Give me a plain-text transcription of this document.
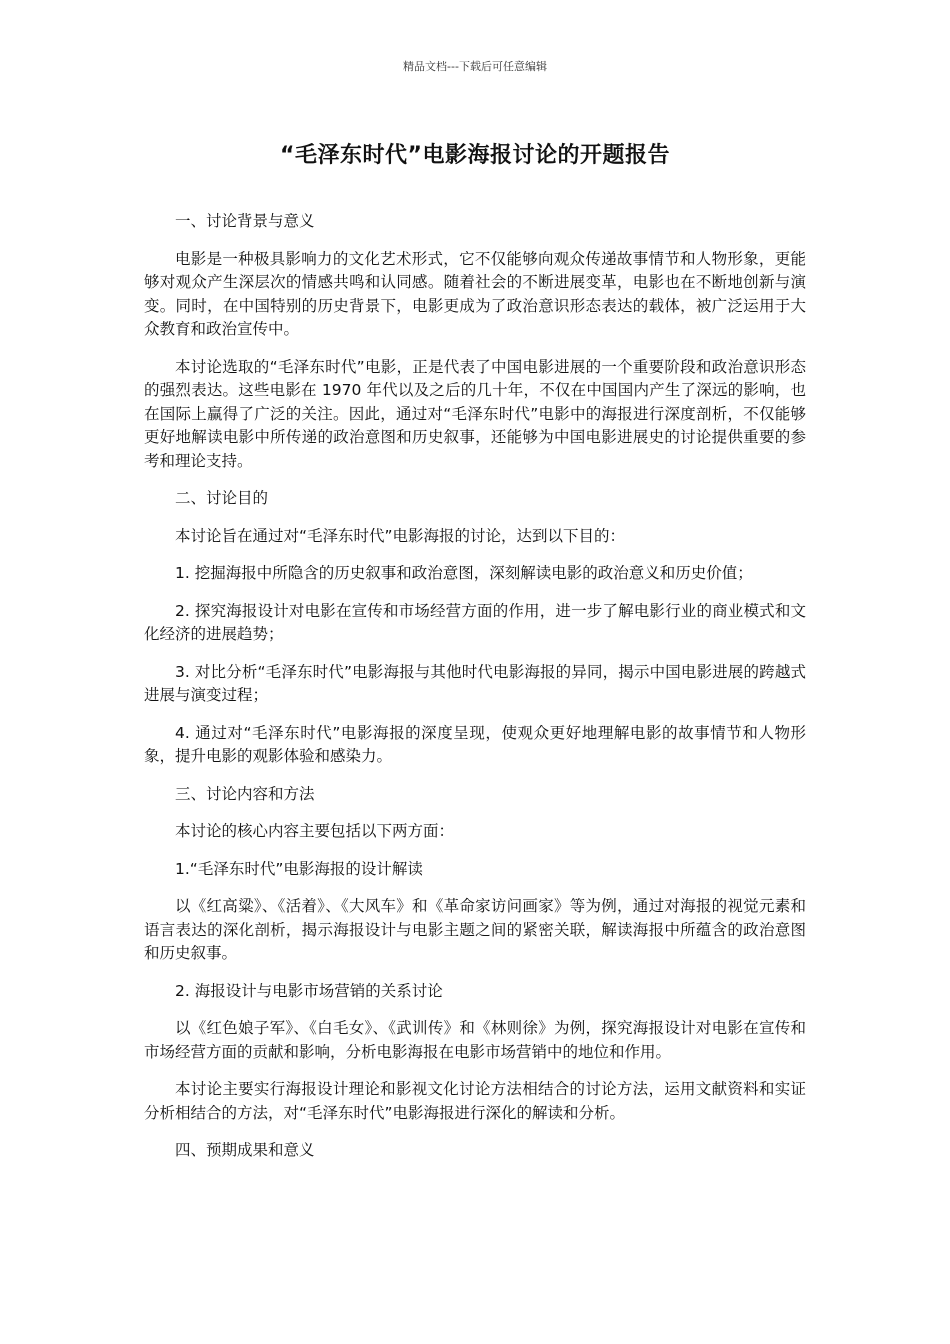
精品文档---下载后可任意编辑
“毛泽东时代”电影海报讨论的开题报告

一、讨论背景与意义

电影是一种极具影响力的文化艺术形式，它不仅能够向观众传递故事情节和人物形象，更能够对观众产生深层次的情感共鸣和认同感。随着社会的不断进展变革，电影也在不断地创新与演变。同时，在中国特别的历史背景下，电影更成为了政治意识形态表达的载体，被广泛运用于大众教育和政治宣传中。

本讨论选取的“毛泽东时代”电影，正是代表了中国电影进展的一个重要阶段和政治意识形态的强烈表达。这些电影在 1970 年代以及之后的几十年，不仅在中国国内产生了深远的影响，也在国际上赢得了广泛的关注。因此，通过对“毛泽东时代”电影中的海报进行深度剖析，不仅能够更好地解读电影中所传递的政治意图和历史叙事，还能够为中国电影进展史的讨论提供重要的参考和理论支持。

二、讨论目的

本讨论旨在通过对“毛泽东时代”电影海报的讨论，达到以下目的：

1. 挖掘海报中所隐含的历史叙事和政治意图，深刻解读电影的政治意义和历史价值；

2. 探究海报设计对电影在宣传和市场经营方面的作用，进一步了解电影行业的商业模式和文化经济的进展趋势；

3. 对比分析“毛泽东时代”电影海报与其他时代电影海报的异同，揭示中国电影进展的跨越式进展与演变过程；

4. 通过对“毛泽东时代”电影海报的深度呈现，使观众更好地理解电影的故事情节和人物形象，提升电影的观影体验和感染力。

三、讨论内容和方法

本讨论的核心内容主要包括以下两方面：

1.“毛泽东时代”电影海报的设计解读

以《红高粱》、《活着》、《大风车》和《革命家访问画家》等为例，通过对海报的视觉元素和语言表达的深化剖析，揭示海报设计与电影主题之间的紧密关联，解读海报中所蕴含的政治意图和历史叙事。

2. 海报设计与电影市场营销的关系讨论

以《红色娘子军》、《白毛女》、《武训传》和《林则徐》为例，探究海报设计对电影在宣传和市场经营方面的贡献和影响，分析电影海报在电影市场营销中的地位和作用。

本讨论主要实行海报设计理论和影视文化讨论方法相结合的讨论方法，运用文献资料和实证分析相结合的方法，对“毛泽东时代”电影海报进行深化的解读和分析。

四、预期成果和意义
